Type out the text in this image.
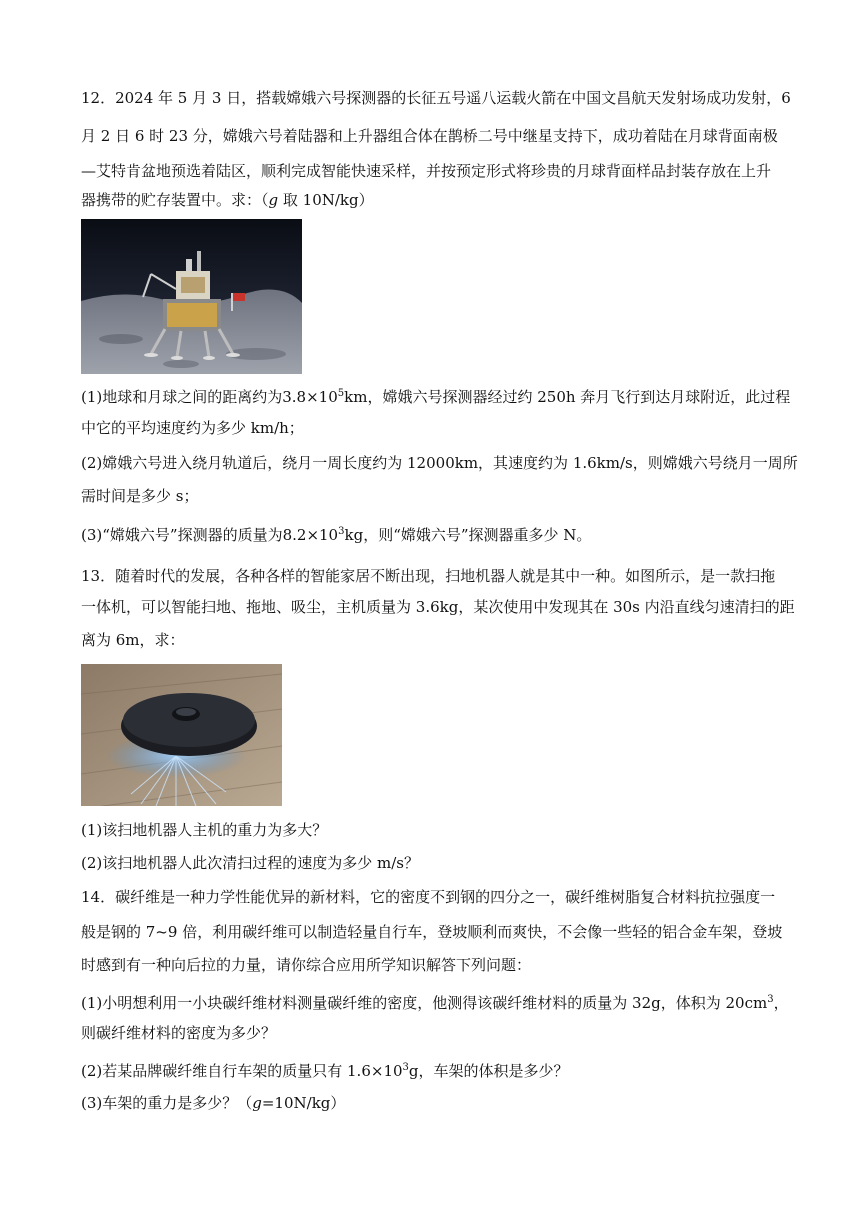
12．2024 年 5 月 3 日，搭载嫦娥六号探测器的长征五号遥八运载火箭在中国文昌航天发射场成功发射，6
月 2 日 6 时 23 分，嫦娥六号着陆器和上升器组合体在鹊桥二号中继星支持下，成功着陆在月球背面南极
—艾特肯盆地预选着陆区，顺利完成智能快速采样，并按预定形式将珍贵的月球背面样品封装存放在上升
器携带的贮存装置中。求：（g 取 10N/kg）
(1)地球和月球之间的距离约为$3.8\times 10^5km$，嫦娥六号探测器经过约 250h 奔月飞行到达月球附近，此过程
中它的平均速度约为多少 km/h；
(2)嫦娥六号进入绕月轨道后，绕月一周长度约为 12000km，其速度约为 1.6km/s，则嫦娥六号绕月一周所
需时间是多少 s；
(3)“嫦娥六号”探测器的质量为$8.2\times 10^3kg$，则“嫦娥六号”探测器重多少 N。
13．随着时代的发展，各种各样的智能家居不断出现，扫地机器人就是其中一种。如图所示，是一款扫拖
一体机，可以智能扫地、拖地、吸尘，主机质量为 3.6kg，某次使用中发现其在 30s 内沿直线匀速清扫的距
离为 6m，求：
(1)该扫地机器人主机的重力为多大？
(2)该扫地机器人此次清扫过程的速度为多少 m/s？
14．碳纤维是一种力学性能优异的新材料，它的密度不到钢的四分之一，碳纤维树脂复合材料抗拉强度一
般是钢的 7~9 倍，利用碳纤维可以制造轻量自行车，登坡顺利而爽快，不会像一些轻的铝合金车架，登坡
时感到有一种向后拉的力量，请你综合应用所学知识解答下列问题：
(1)小明想利用一小块碳纤维材料测量碳纤维的密度，他测得该碳纤维材料的质量为 32g，体积为 $20cm^3$，
则碳纤维材料的密度为多少？
(2)若某品牌碳纤维自行车架的质量只有 $1.6\times 10^3g$，车架的体积是多少？
(3)车架的重力是多少？（g=10N/kg）
